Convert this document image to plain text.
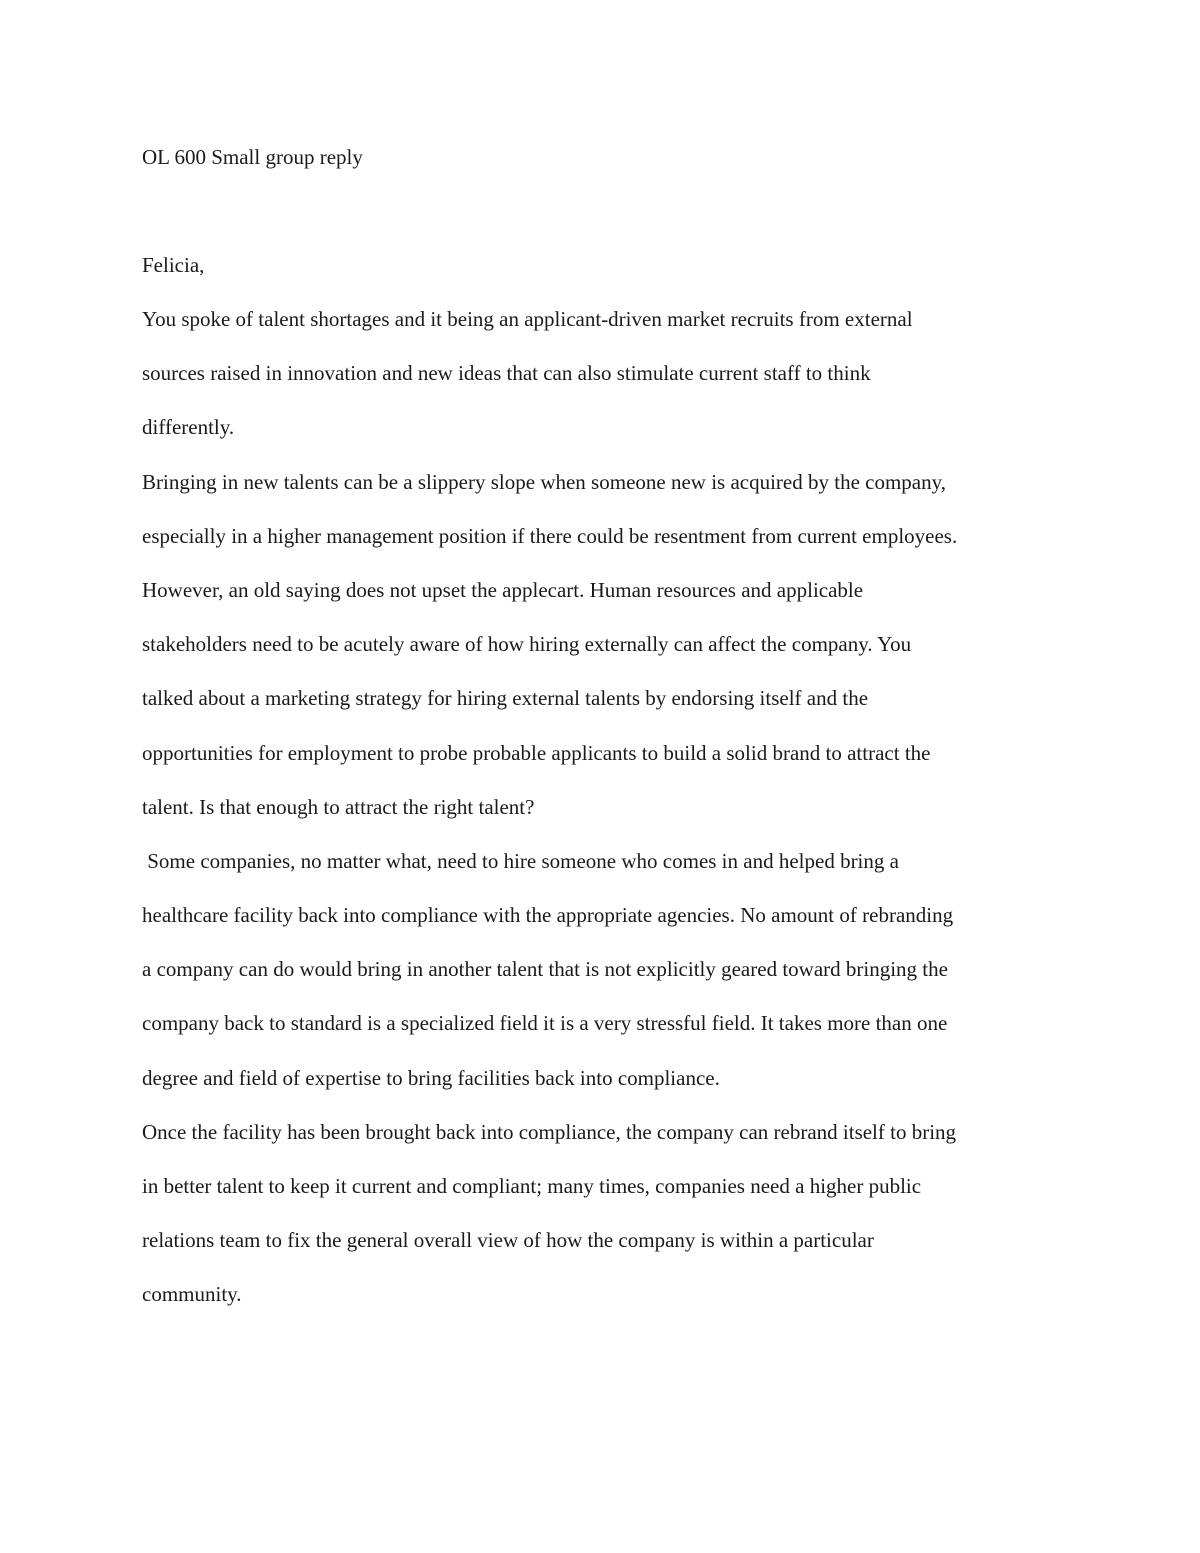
OL 600 Small group reply

Felicia,

You spoke of talent shortages and it being an applicant-driven market recruits from external
sources raised in innovation and new ideas that can also stimulate current staff to think
differently.
Bringing in new talents can be a slippery slope when someone new is acquired by the company,
especially in a higher management position if there could be resentment from current employees.
However, an old saying does not upset the applecart. Human resources and applicable
stakeholders need to be acutely aware of how hiring externally can affect the company. You
talked about a marketing strategy for hiring external talents by endorsing itself and the
opportunities for employment to probe probable applicants to build a solid brand to attract the
talent. Is that enough to attract the right talent?
Some companies, no matter what, need to hire someone who comes in and helped bring a
healthcare facility back into compliance with the appropriate agencies. No amount of rebranding
a company can do would bring in another talent that is not explicitly geared toward bringing the
company back to standard is a specialized field it is a very stressful field. It takes more than one
degree and field of expertise to bring facilities back into compliance.
Once the facility has been brought back into compliance, the company can rebrand itself to bring
in better talent to keep it current and compliant; many times, companies need a higher public
relations team to fix the general overall view of how the company is within a particular
community.
